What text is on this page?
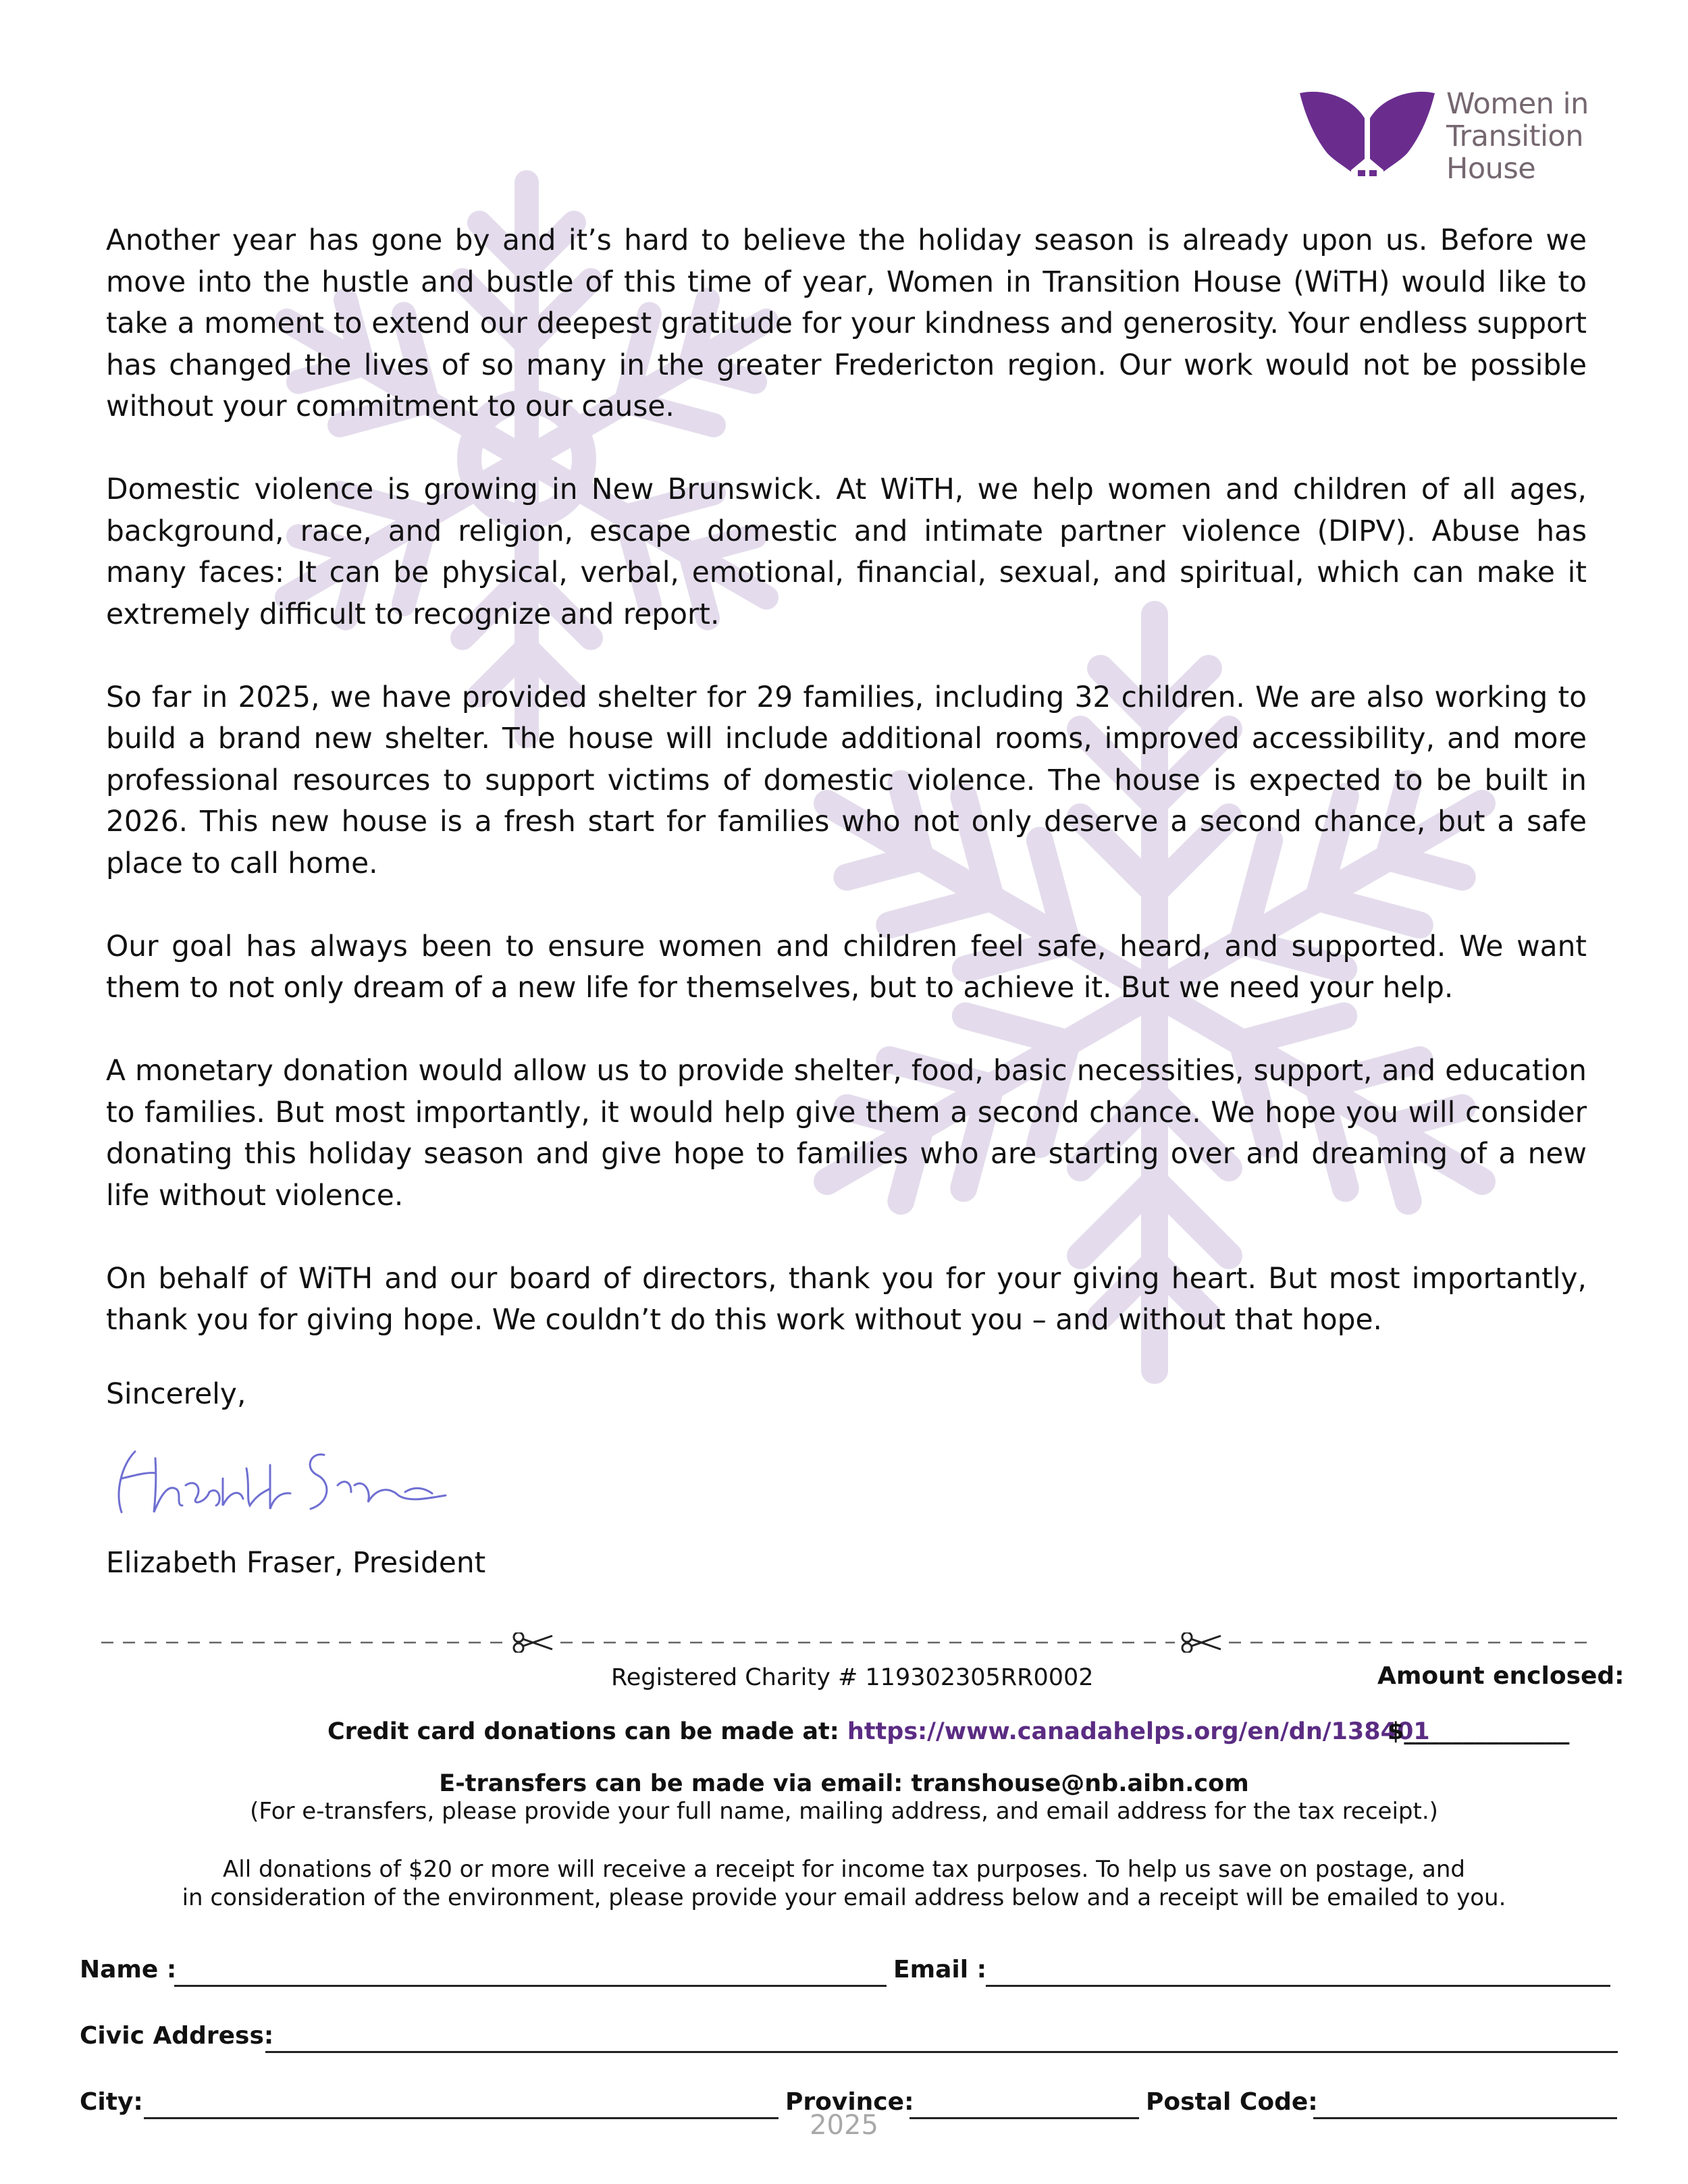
Women in
Transition
House

Another year has gone by and it’s hard to believe the holiday season is already upon us. Before we move into the hustle and bustle of this time of year, Women in Transition House (WiTH) would like to take a moment to extend our deepest gratitude for your kindness and generosity. Your endless support has changed the lives of so many in the greater Fredericton region. Our work would not be possible without your commitment to our cause.

Domestic violence is growing in New Brunswick. At WiTH, we help women and children of all ages, background, race, and religion, escape domestic and intimate partner violence (DIPV). Abuse has many faces: It can be physical, verbal, emotional, financial, sexual, and spiritual, which can make it extremely difficult to recognize and report.

So far in 2025, we have provided shelter for 29 families, including 32 children. We are also working to build a brand new shelter. The house will include additional rooms, improved accessibility, and more professional resources to support victims of domestic violence. The house is expected to be built in 2026. This new house is a fresh start for families who not only deserve a second chance, but a safe place to call home.

Our goal has always been to ensure women and children feel safe, heard, and supported. We want them to not only dream of a new life for themselves, but to achieve it. But we need your help.

A monetary donation would allow us to provide shelter, food, basic necessities, support, and education to families. But most importantly, it would help give them a second chance. We hope you will consider donating this holiday season and give hope to families who are starting over and dreaming of a new life without violence.

On behalf of WiTH and our board of directors, thank you for your giving heart. But most importantly, thank you for giving hope. We couldn’t do this work without you – and without that hope.

Sincerely,
Elizabeth Fraser
Elizabeth Fraser, President
Registered Charity # 119302305RR0002	Amount enclosed:
Credit card donations can be made at: https://www.canadahelps.org/en/dn/138401
$______________
E-transfers can be made via email: transhouse@nb.aibn.com
(For e-transfers, please provide your full name, mailing address, and email address for the tax receipt.)
All donations of $20 or more will receive a receipt for income tax purposes. To help us save on postage, and
in consideration of the environment, please provide your email address below and a receipt will be emailed to you.
Name :	Email :
Civic Address:
City:	Province:	Postal Code:
2025
